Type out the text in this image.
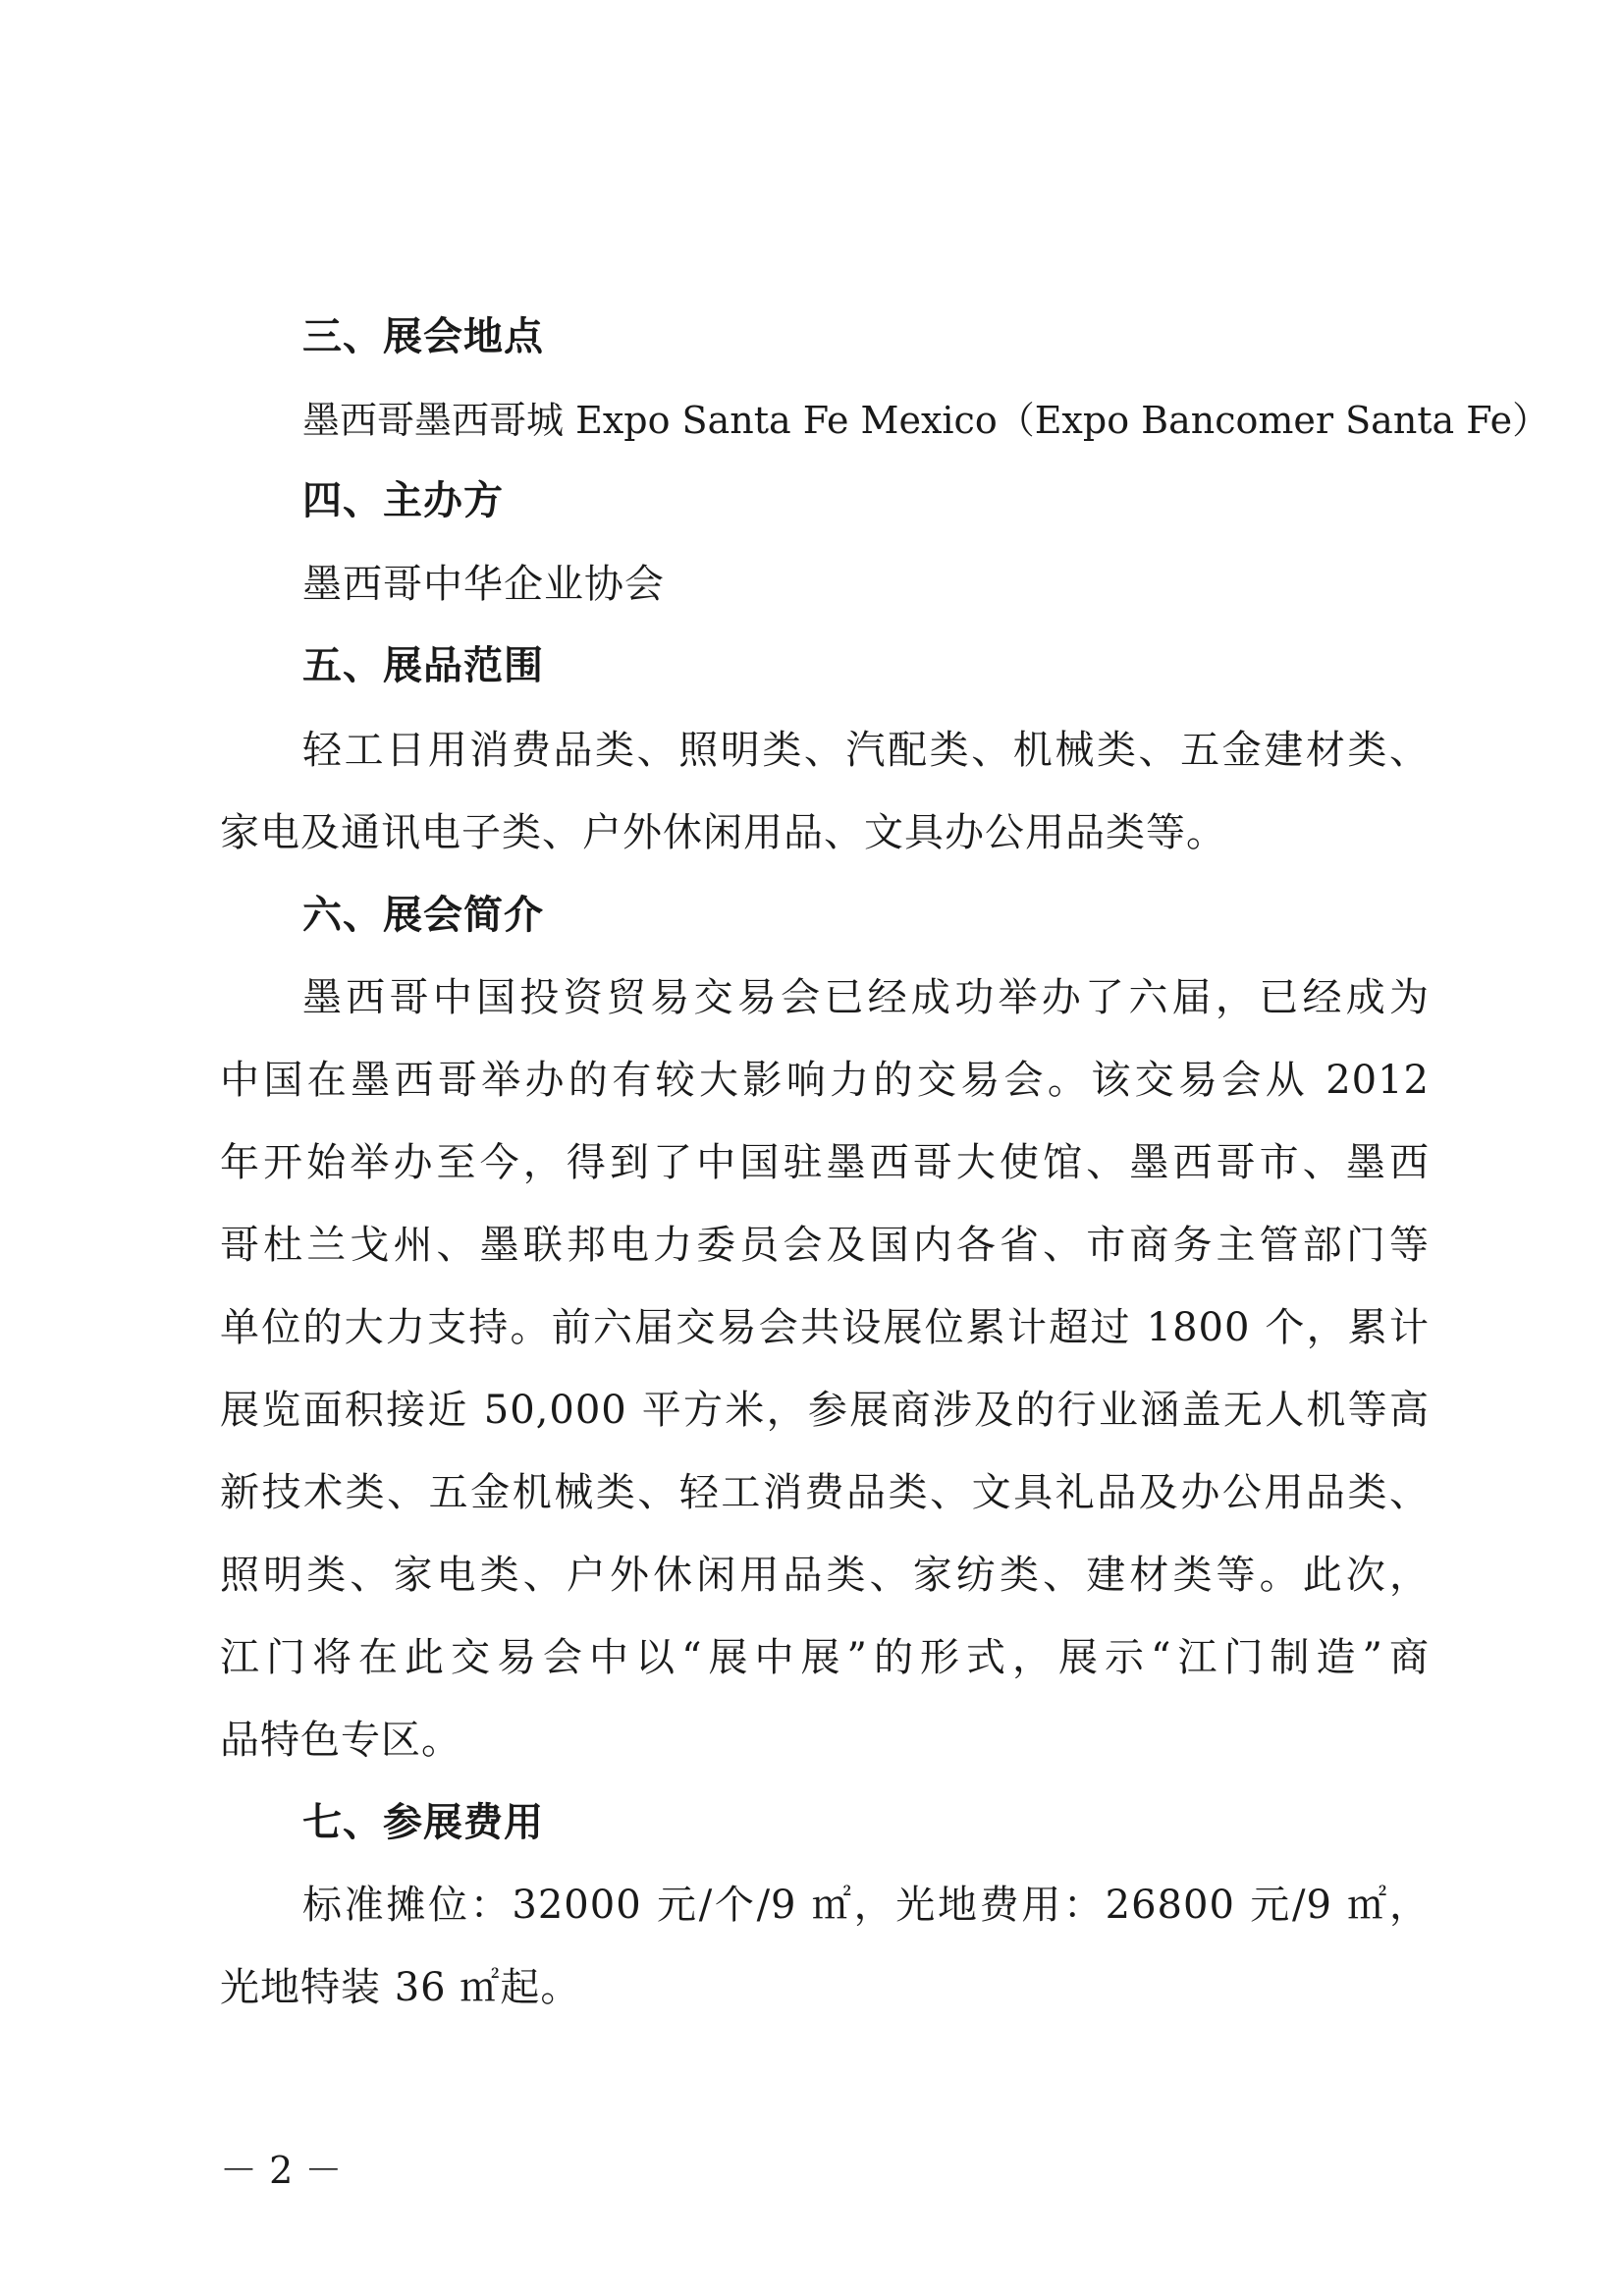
三、展会地点
墨西哥墨西哥城 Expo Santa Fe Mexico（Expo Bancomer Santa Fe）
四、主办方
墨西哥中华企业协会
五、展品范围
轻工日用消费品类、照明类、汽配类、机械类、五金建材类、
家电及通讯电子类、户外休闲用品、文具办公用品类等。
六、展会简介
墨西哥中国投资贸易交易会已经成功举办了六届，已经成为
中国在墨西哥举办的有较大影响力的交易会。该交易会从 2012
年开始举办至今，得到了中国驻墨西哥大使馆、墨西哥市、墨西
哥杜兰戈州、墨联邦电力委员会及国内各省、市商务主管部门等
单位的大力支持。前六届交易会共设展位累计超过 1800 个，累计
展览面积接近 50,000 平方米，参展商涉及的行业涵盖无人机等高
新技术类、五金机械类、轻工消费品类、文具礼品及办公用品类、
照明类、家电类、户外休闲用品类、家纺类、建材类等。此次，
江门将在此交易会中以“展中展”的形式，展示“江门制造”商
品特色专区。
七、参展费用
标准摊位：32000 元/个/9 ㎡，光地费用：26800 元/9 ㎡，
光地特装 36 ㎡起。
－ 2 －
